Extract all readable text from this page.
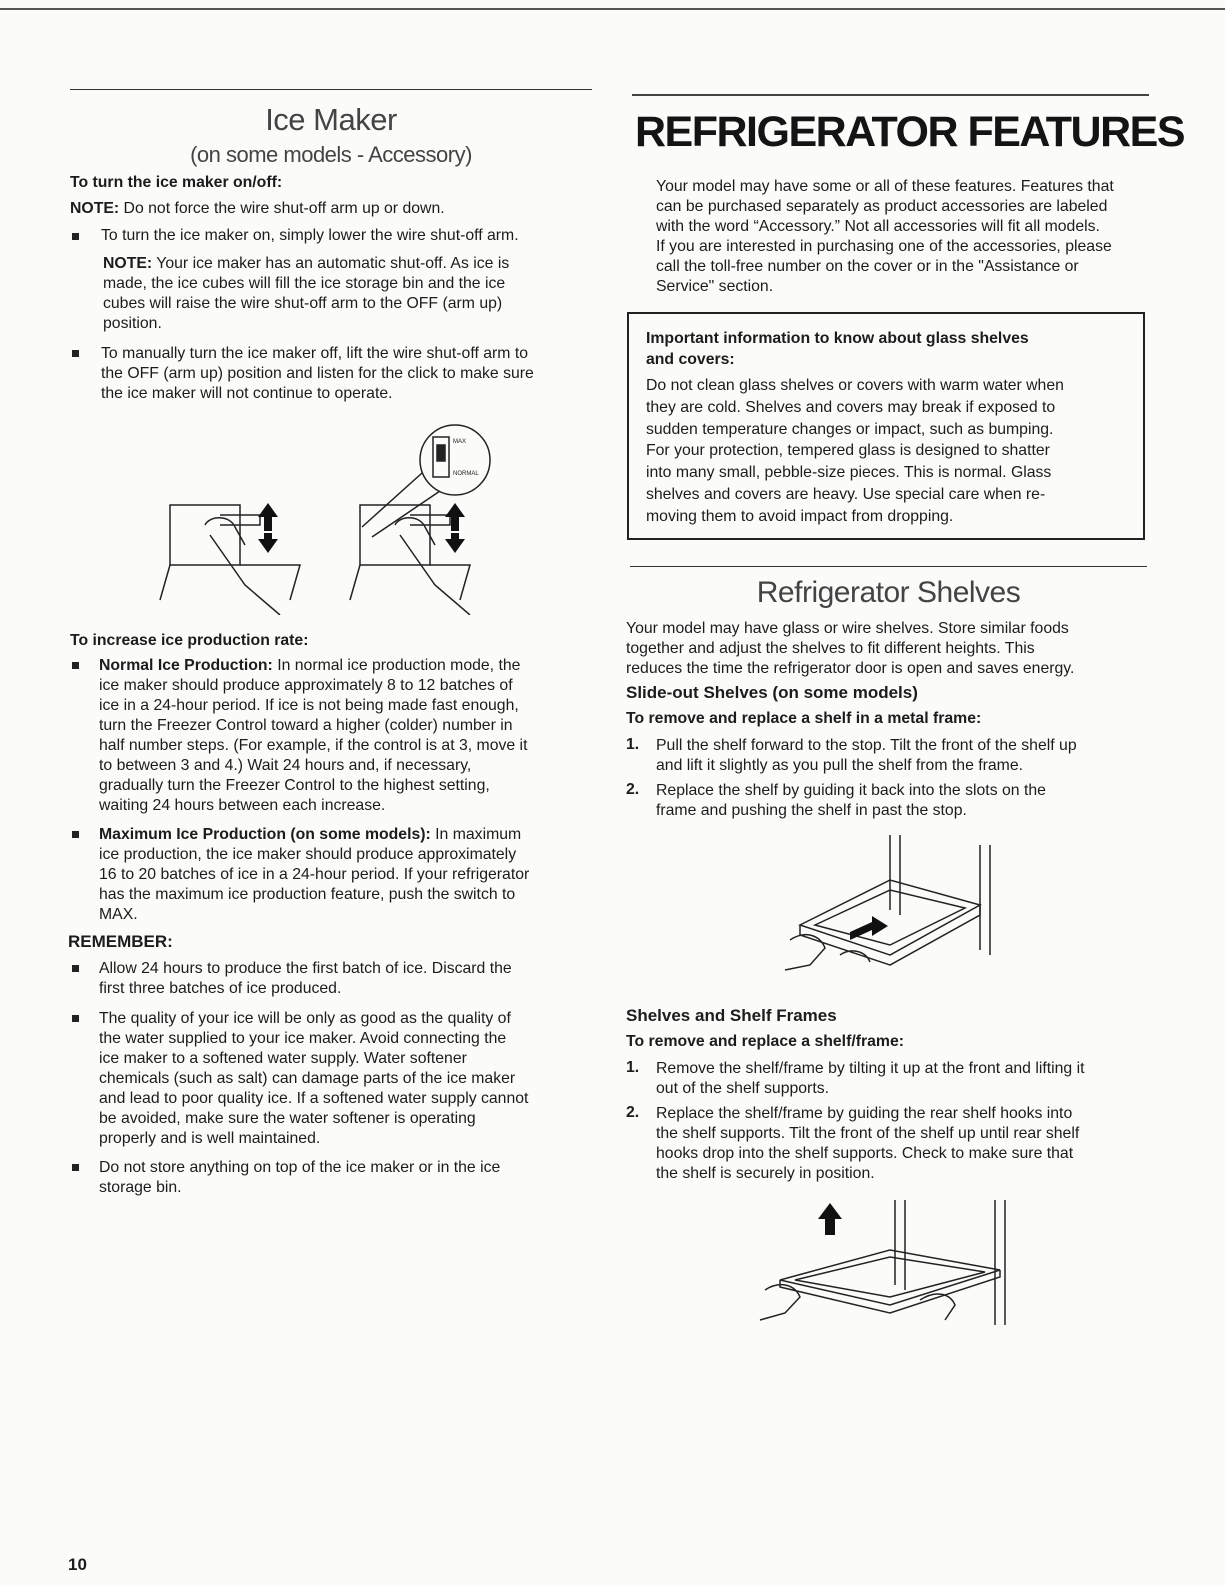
Ice Maker
(on some models - Accessory)
To turn the ice maker on/off:
NOTE: Do not force the wire shut-off arm up or down.
To turn the ice maker on, simply lower the wire shut-off arm.
NOTE: Your ice maker has an automatic shut-off. As ice is
made, the ice cubes will fill the ice storage bin and the ice
cubes will raise the wire shut-off arm to the OFF (arm up)
position.
To manually turn the ice maker off, lift the wire shut-off arm to
the OFF (arm up) position and listen for the click to make sure
the ice maker will not continue to operate.
MAX
NORMAL
To increase ice production rate:
Normal Ice Production: In normal ice production mode, the
ice maker should produce approximately 8 to 12 batches of
ice in a 24-hour period. If ice is not being made fast enough,
turn the Freezer Control toward a higher (colder) number in
half number steps. (For example, if the control is at 3, move it
to between 3 and 4.) Wait 24 hours and, if necessary,
gradually turn the Freezer Control to the highest setting,
waiting 24 hours between each increase.
Maximum Ice Production (on some models): In maximum
ice production, the ice maker should produce approximately
16 to 20 batches of ice in a 24-hour period. If your refrigerator
has the maximum ice production feature, push the switch to
MAX.
REMEMBER:
Allow 24 hours to produce the first batch of ice. Discard the
first three batches of ice produced.
The quality of your ice will be only as good as the quality of
the water supplied to your ice maker. Avoid connecting the
ice maker to a softened water supply. Water softener
chemicals (such as salt) can damage parts of the ice maker
and lead to poor quality ice. If a softened water supply cannot
be avoided, make sure the water softener is operating
properly and is well maintained.
Do not store anything on top of the ice maker or in the ice
storage bin.
REFRIGERATOR FEATURES
Your model may have some or all of these features. Features that
can be purchased separately as product accessories are labeled
with the word “Accessory.” Not all accessories will fit all models.
If you are interested in purchasing one of the accessories, please
call the toll-free number on the cover or in the "Assistance or
Service" section.
Important information to know about glass shelves
and covers:
Do not clean glass shelves or covers with warm water when
they are cold. Shelves and covers may break if exposed to
sudden temperature changes or impact, such as bumping.
For your protection, tempered glass is designed to shatter
into many small, pebble-size pieces. This is normal. Glass
shelves and covers are heavy. Use special care when re-
moving them to avoid impact from dropping.
Refrigerator Shelves
Your model may have glass or wire shelves. Store similar foods
together and adjust the shelves to fit different heights. This
reduces the time the refrigerator door is open and saves energy.
Slide-out Shelves (on some models)
To remove and replace a shelf in a metal frame:
1. Pull the shelf forward to the stop. Tilt the front of the shelf up
and lift it slightly as you pull the shelf from the frame.
2. Replace the shelf by guiding it back into the slots on the
frame and pushing the shelf in past the stop.
Shelves and Shelf Frames
To remove and replace a shelf/frame:
1. Remove the shelf/frame by tilting it up at the front and lifting it
out of the shelf supports.
2. Replace the shelf/frame by guiding the rear shelf hooks into
the shelf supports. Tilt the front of the shelf up until rear shelf
hooks drop into the shelf supports. Check to make sure that
the shelf is securely in position.
10
